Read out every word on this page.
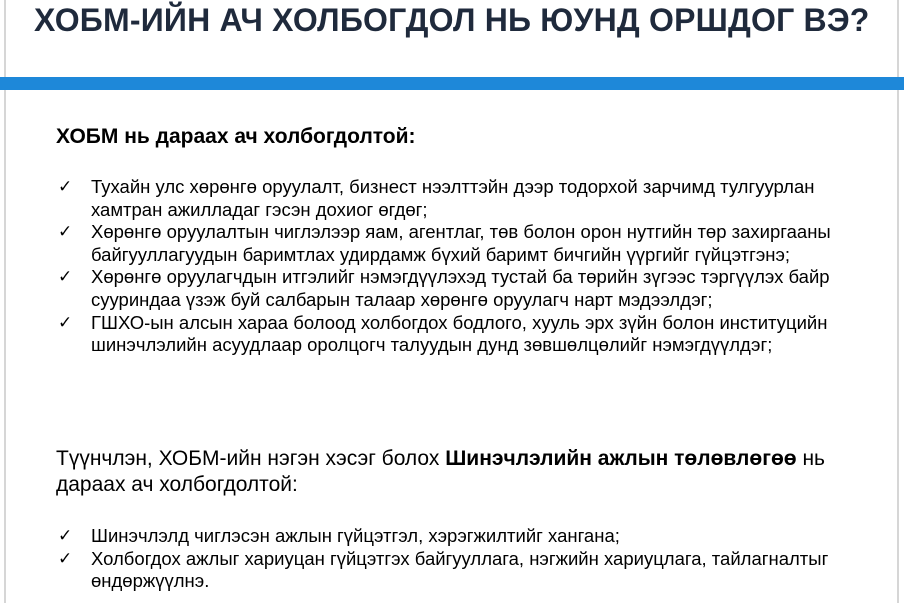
ХОБМ-ИЙН АЧ ХОЛБОГДОЛ НЬ ЮУНД ОРШДОГ ВЭ?
ХОБМ нь дараах ач холбогдолтой:
✓ Тухайн улс хөрөнгө оруулалт, бизнест нээлттэйн дээр тодорхой зарчимд тулгуурлан хамтран ажилладаг гэсэн дохиог өгдөг;
✓ Хөрөнгө оруулалтын чиглэлээр яам, агентлаг, төв болон орон нутгийн төр захиргааны байгууллагуудын баримтлах удирдамж бүхий баримт бичгийн үүргийг гүйцэтгэнэ;
✓ Хөрөнгө оруулагчдын итгэлийг нэмэгдүүлэхэд тустай ба төрийн зүгээс тэргүүлэх байр сууриндаа үзэж буй салбарын талаар хөрөнгө оруулагч нарт мэдээлдэг;
✓ ГШХО-ын алсын хараа болоод холбогдох бодлого, хууль эрх зүйн болон институцийн шинэчлэлийн асуудлаар оролцогч талуудын дунд зөвшөлцөлийг нэмэгдүүлдэг;

Түүнчлэн, ХОБМ-ийн нэгэн хэсэг болох Шинэчлэлийн ажлын төлөвлөгөө нь дараах ач холбогдолтой:

✓ Шинэчлэлд чиглэсэн ажлын гүйцэтгэл, хэрэгжилтийг хангана;
✓ Холбогдох ажлыг хариуцан гүйцэтгэх байгууллага, нэгжийн хариуцлага, тайлагналтыг өндөржүүлнэ.
